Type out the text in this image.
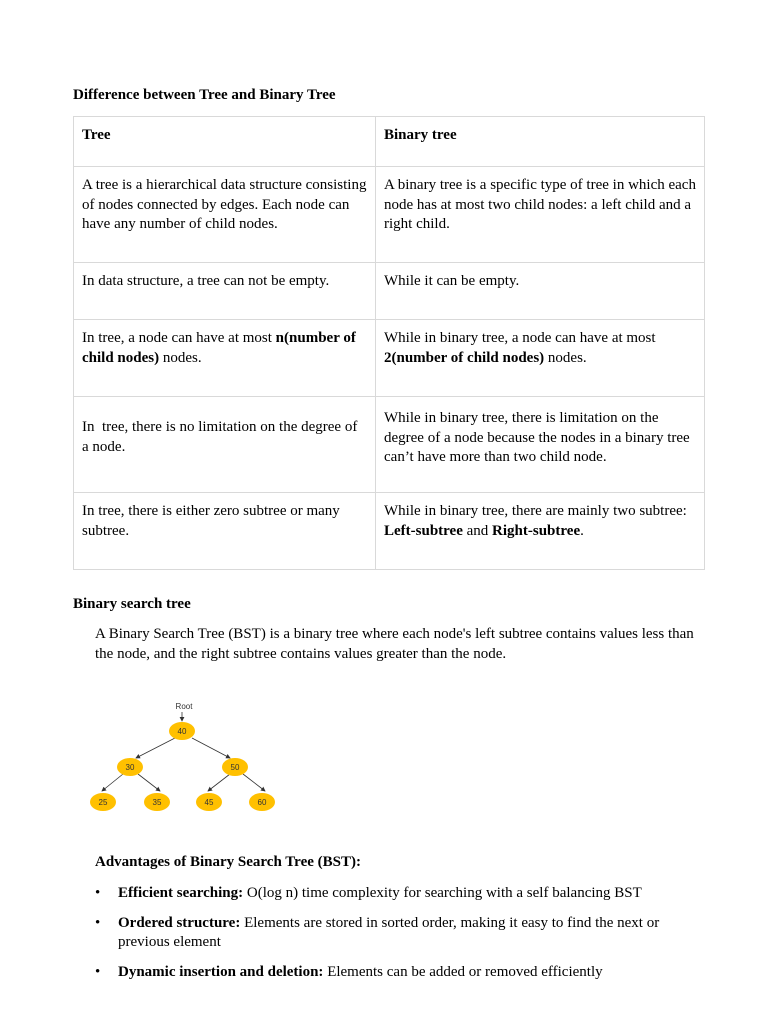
Difference between Tree and Binary Tree
Tree	Binary tree

A tree is a hierarchical data structure consisting of nodes connected by edges. Each node can have any number of child nodes.	A binary tree is a specific type of tree in which each node has at most two child nodes: a left child and a right child.

In data structure, a tree can not be empty.	While it can be empty.

In tree, a node can have at most n(number of child nodes) nodes.	While in binary tree, a node can have at most 2(number of child nodes) nodes.

In  tree, there is no limitation on the degree of a node.	While in binary tree, there is limitation on the degree of a node because the nodes in a binary tree can’t have more than two child node.

In tree, there is either zero subtree or many subtree.	While in binary tree, there are mainly two subtree: Left-subtree and Right-subtree.
Binary search tree
A Binary Search Tree (BST) is a binary tree where each node's left subtree contains values less than the node, and the right subtree contains values greater than the node.
Root
40
30	50
25	35	45	60
Advantages of Binary Search Tree (BST):
• Efficient searching: O(log n) time complexity for searching with a self balancing BST
• Ordered structure: Elements are stored in sorted order, making it easy to find the next or previous element
• Dynamic insertion and deletion: Elements can be added or removed efficiently
